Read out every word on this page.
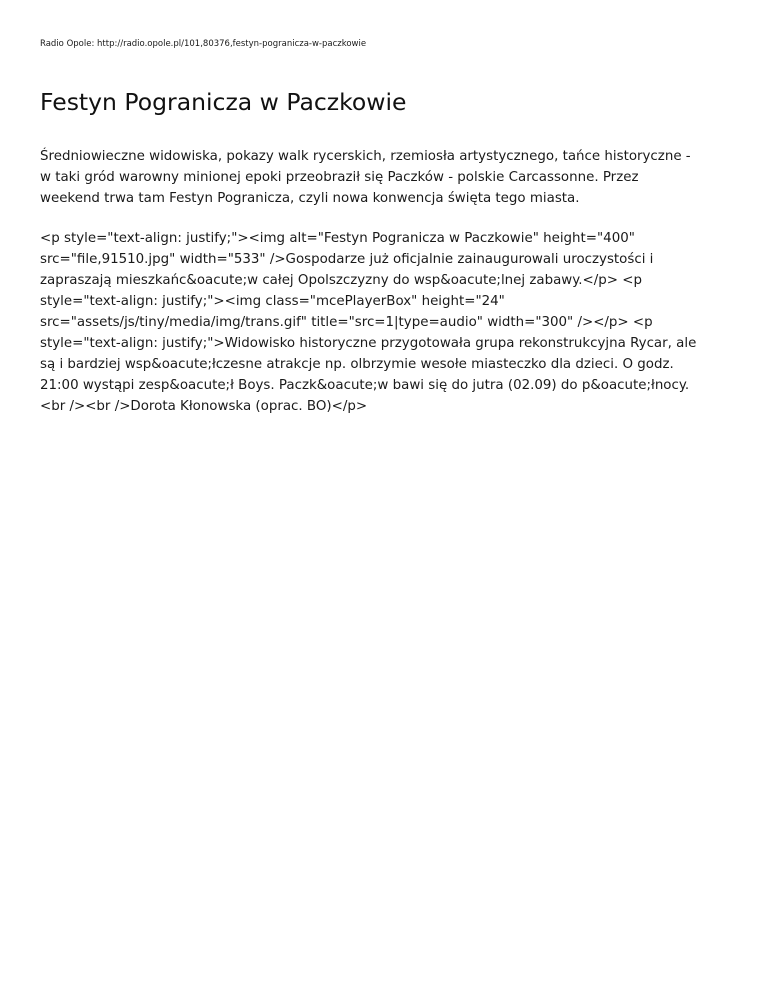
Radio Opole: http://radio.opole.pl/101,80376,festyn-pogranicza-w-paczkowie
Festyn Pogranicza w Paczkowie

Średniowieczne widowiska, pokazy walk rycerskich, rzemiosła artystycznego, tańce historyczne -
w taki gród warowny minionej epoki przeobraził się Paczków - polskie Carcassonne. Przez
weekend trwa tam Festyn Pogranicza, czyli nowa konwencja święta tego miasta.

<p style="text-align: justify;"><img alt="Festyn Pogranicza w Paczkowie" height="400"
src="file,91510.jpg" width="533" />Gospodarze już oficjalnie zainaugurowali uroczystości i
zapraszają mieszkańc&oacute;w całej Opolszczyzny do wsp&oacute;lnej zabawy.</p> <p
style="text-align: justify;"><img class="mcePlayerBox" height="24"
src="assets/js/tiny/media/img/trans.gif" title="src=1|type=audio" width="300" /></p> <p
style="text-align: justify;">Widowisko historyczne przygotowała grupa rekonstrukcyjna Rycar, ale
są i bardziej wsp&oacute;łczesne atrakcje np. olbrzymie wesołe miasteczko dla dzieci. O godz.
21:00 wystąpi zesp&oacute;ł Boys. Paczk&oacute;w bawi się do jutra (02.09) do p&oacute;łnocy.
<br /><br />Dorota Kłonowska (oprac. BO)</p>
